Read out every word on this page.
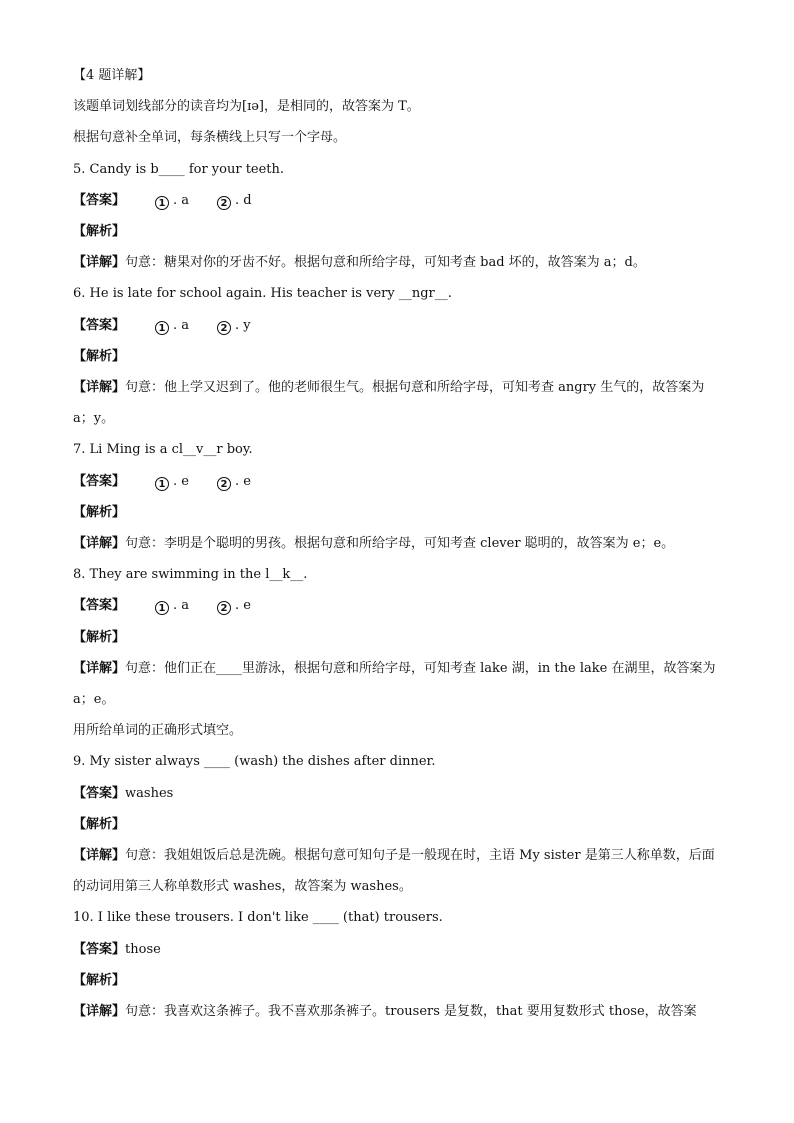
【4 题详解】

该题单词划线部分的读音均为[ɪə]，是相同的，故答案为 T。

根据句意补全单词，每条横线上只写一个字母。

5. Candy is b____ for your teeth.

【答案】	1 . a	2 . d

【解析】

【详解】句意：糖果对你的牙齿不好。根据句意和所给字母，可知考查 bad 坏的，故答案为 a；d。

6. He is late for school again. His teacher is very __ngr__.

【答案】	1 . a	2 . y

【解析】

【详解】句意：他上学又迟到了。他的老师很生气。根据句意和所给字母，可知考查 angry 生气的，故答案为 a；y。

7. Li Ming is a cl__v__r boy.

【答案】	1 . e	2 . e

【解析】

【详解】句意：李明是个聪明的男孩。根据句意和所给字母，可知考查 clever 聪明的，故答案为 e；e。

8. They are swimming in the l__k__.

【答案】	1 . a	2 . e

【解析】

【详解】句意：他们正在____里游泳，根据句意和所给字母，可知考查 lake 湖，in the lake 在湖里，故答案为 a；e。

用所给单词的正确形式填空。

9. My sister always ____ (wash) the dishes after dinner.

【答案】 washes

【解析】

【详解】句意：我姐姐饭后总是洗碗。根据句意可知句子是一般现在时，主语 My sister 是第三人称单数，后面的动词用第三人称单数形式 washes，故答案为 washes。

10. I like these trousers. I don't like ____ (that) trousers.

【答案】 those

【解析】

【详解】句意：我喜欢这条裤子。我不喜欢那条裤子。trousers 是复数，that 要用复数形式 those，故答案
